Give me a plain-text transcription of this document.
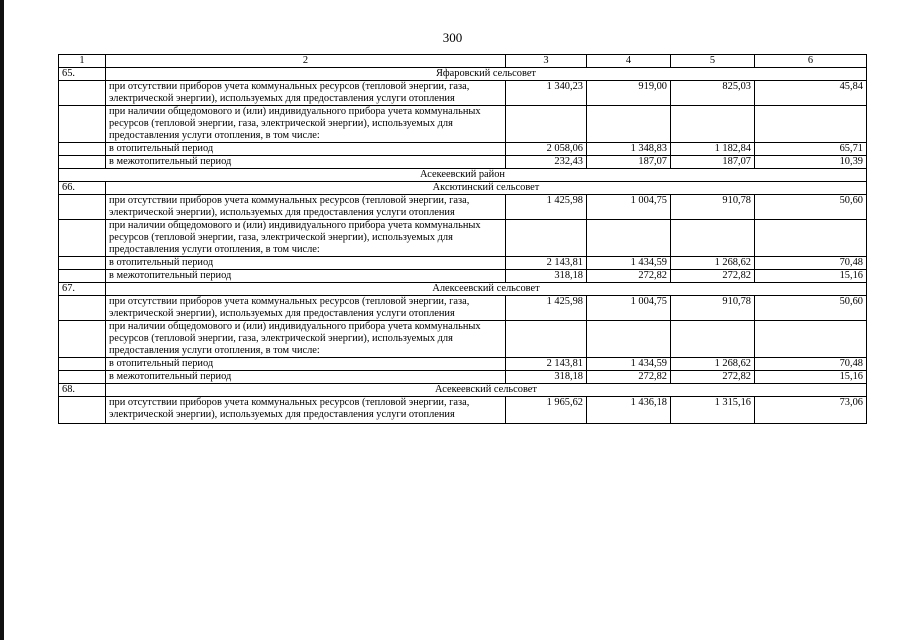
300
1	2	3	4	5	6
65.	Яфаровский сельсовет				
	при отсутствии приборов учета коммунальных ресурсов (тепловой энергии, газа, электрической энергии), используемых для предоставления услуги отопления	1 340,23	919,00	825,03	45,84
	при наличии общедомового и (или) индивидуального прибора учета коммунальных ресурсов (тепловой энергии, газа, электрической энергии), используемых для предоставления услуги отопления, в том числе:				
	в отопительный период	2 058,06	1 348,83	1 182,84	65,71
	в межотопительный период	232,43	187,07	187,07	10,39
Асекеевский район					
66.	Аксютинский сельсовет				
	при отсутствии приборов учета коммунальных ресурсов (тепловой энергии, газа, электрической энергии), используемых для предоставления услуги отопления	1 425,98	1 004,75	910,78	50,60
	при наличии общедомового и (или) индивидуального прибора учета коммунальных ресурсов (тепловой энергии, газа, электрической энергии), используемых для предоставления услуги отопления, в том числе:				
	в отопительный период	2 143,81	1 434,59	1 268,62	70,48
	в межотопительный период	318,18	272,82	272,82	15,16
67.	Алексеевский сельсовет				
	при отсутствии приборов учета коммунальных ресурсов (тепловой энергии, газа, электрической энергии), используемых для предоставления услуги отопления	1 425,98	1 004,75	910,78	50,60
	при наличии общедомового и (или) индивидуального прибора учета коммунальных ресурсов (тепловой энергии, газа, электрической энергии), используемых для предоставления услуги отопления, в том числе:				
	в отопительный период	2 143,81	1 434,59	1 268,62	70,48
	в межотопительный период	318,18	272,82	272,82	15,16
68.	Асекеевский сельсовет				

	при отсутствии приборов учета коммунальных ресурсов (тепловой энергии, газа, электрической энергии), используемых для предоставления услуги отопления	1 965,62	1 436,18	1 315,16	73,06
